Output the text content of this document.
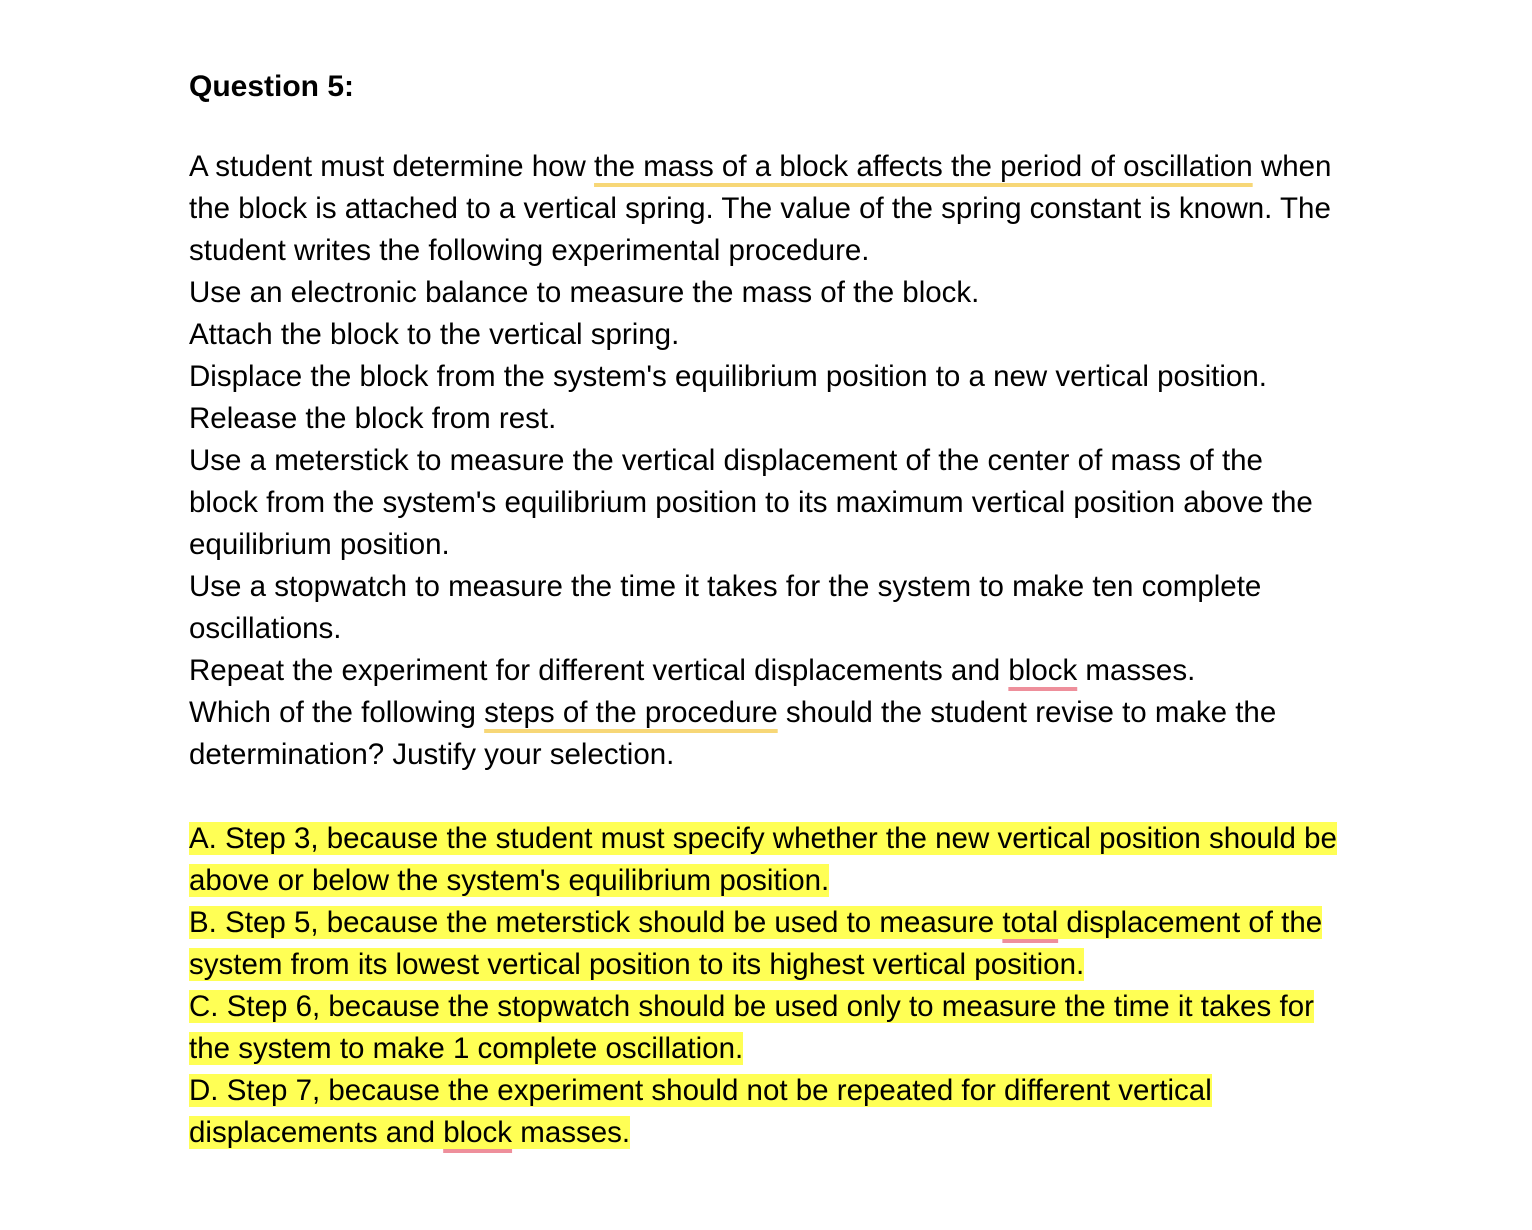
Question 5:
A student must determine how the mass of a block affects the period of oscillation when
the block is attached to a vertical spring. The value of the spring constant is known. The
student writes the following experimental procedure.
Use an electronic balance to measure the mass of the block.
Attach the block to the vertical spring.
Displace the block from the system's equilibrium position to a new vertical position.
Release the block from rest.
Use a meterstick to measure the vertical displacement of the center of mass of the
block from the system's equilibrium position to its maximum vertical position above the
equilibrium position.
Use a stopwatch to measure the time it takes for the system to make ten complete
oscillations.
Repeat the experiment for different vertical displacements and block masses.
Which of the following steps of the procedure should the student revise to make the
determination? Justify your selection.
A. Step 3, because the student must specify whether the new vertical position should be
above or below the system's equilibrium position.
B. Step 5, because the meterstick should be used to measure total displacement of the
system from its lowest vertical position to its highest vertical position.
C. Step 6, because the stopwatch should be used only to measure the time it takes for
the system to make 1 complete oscillation.
D. Step 7, because the experiment should not be repeated for different vertical
displacements and block masses.
